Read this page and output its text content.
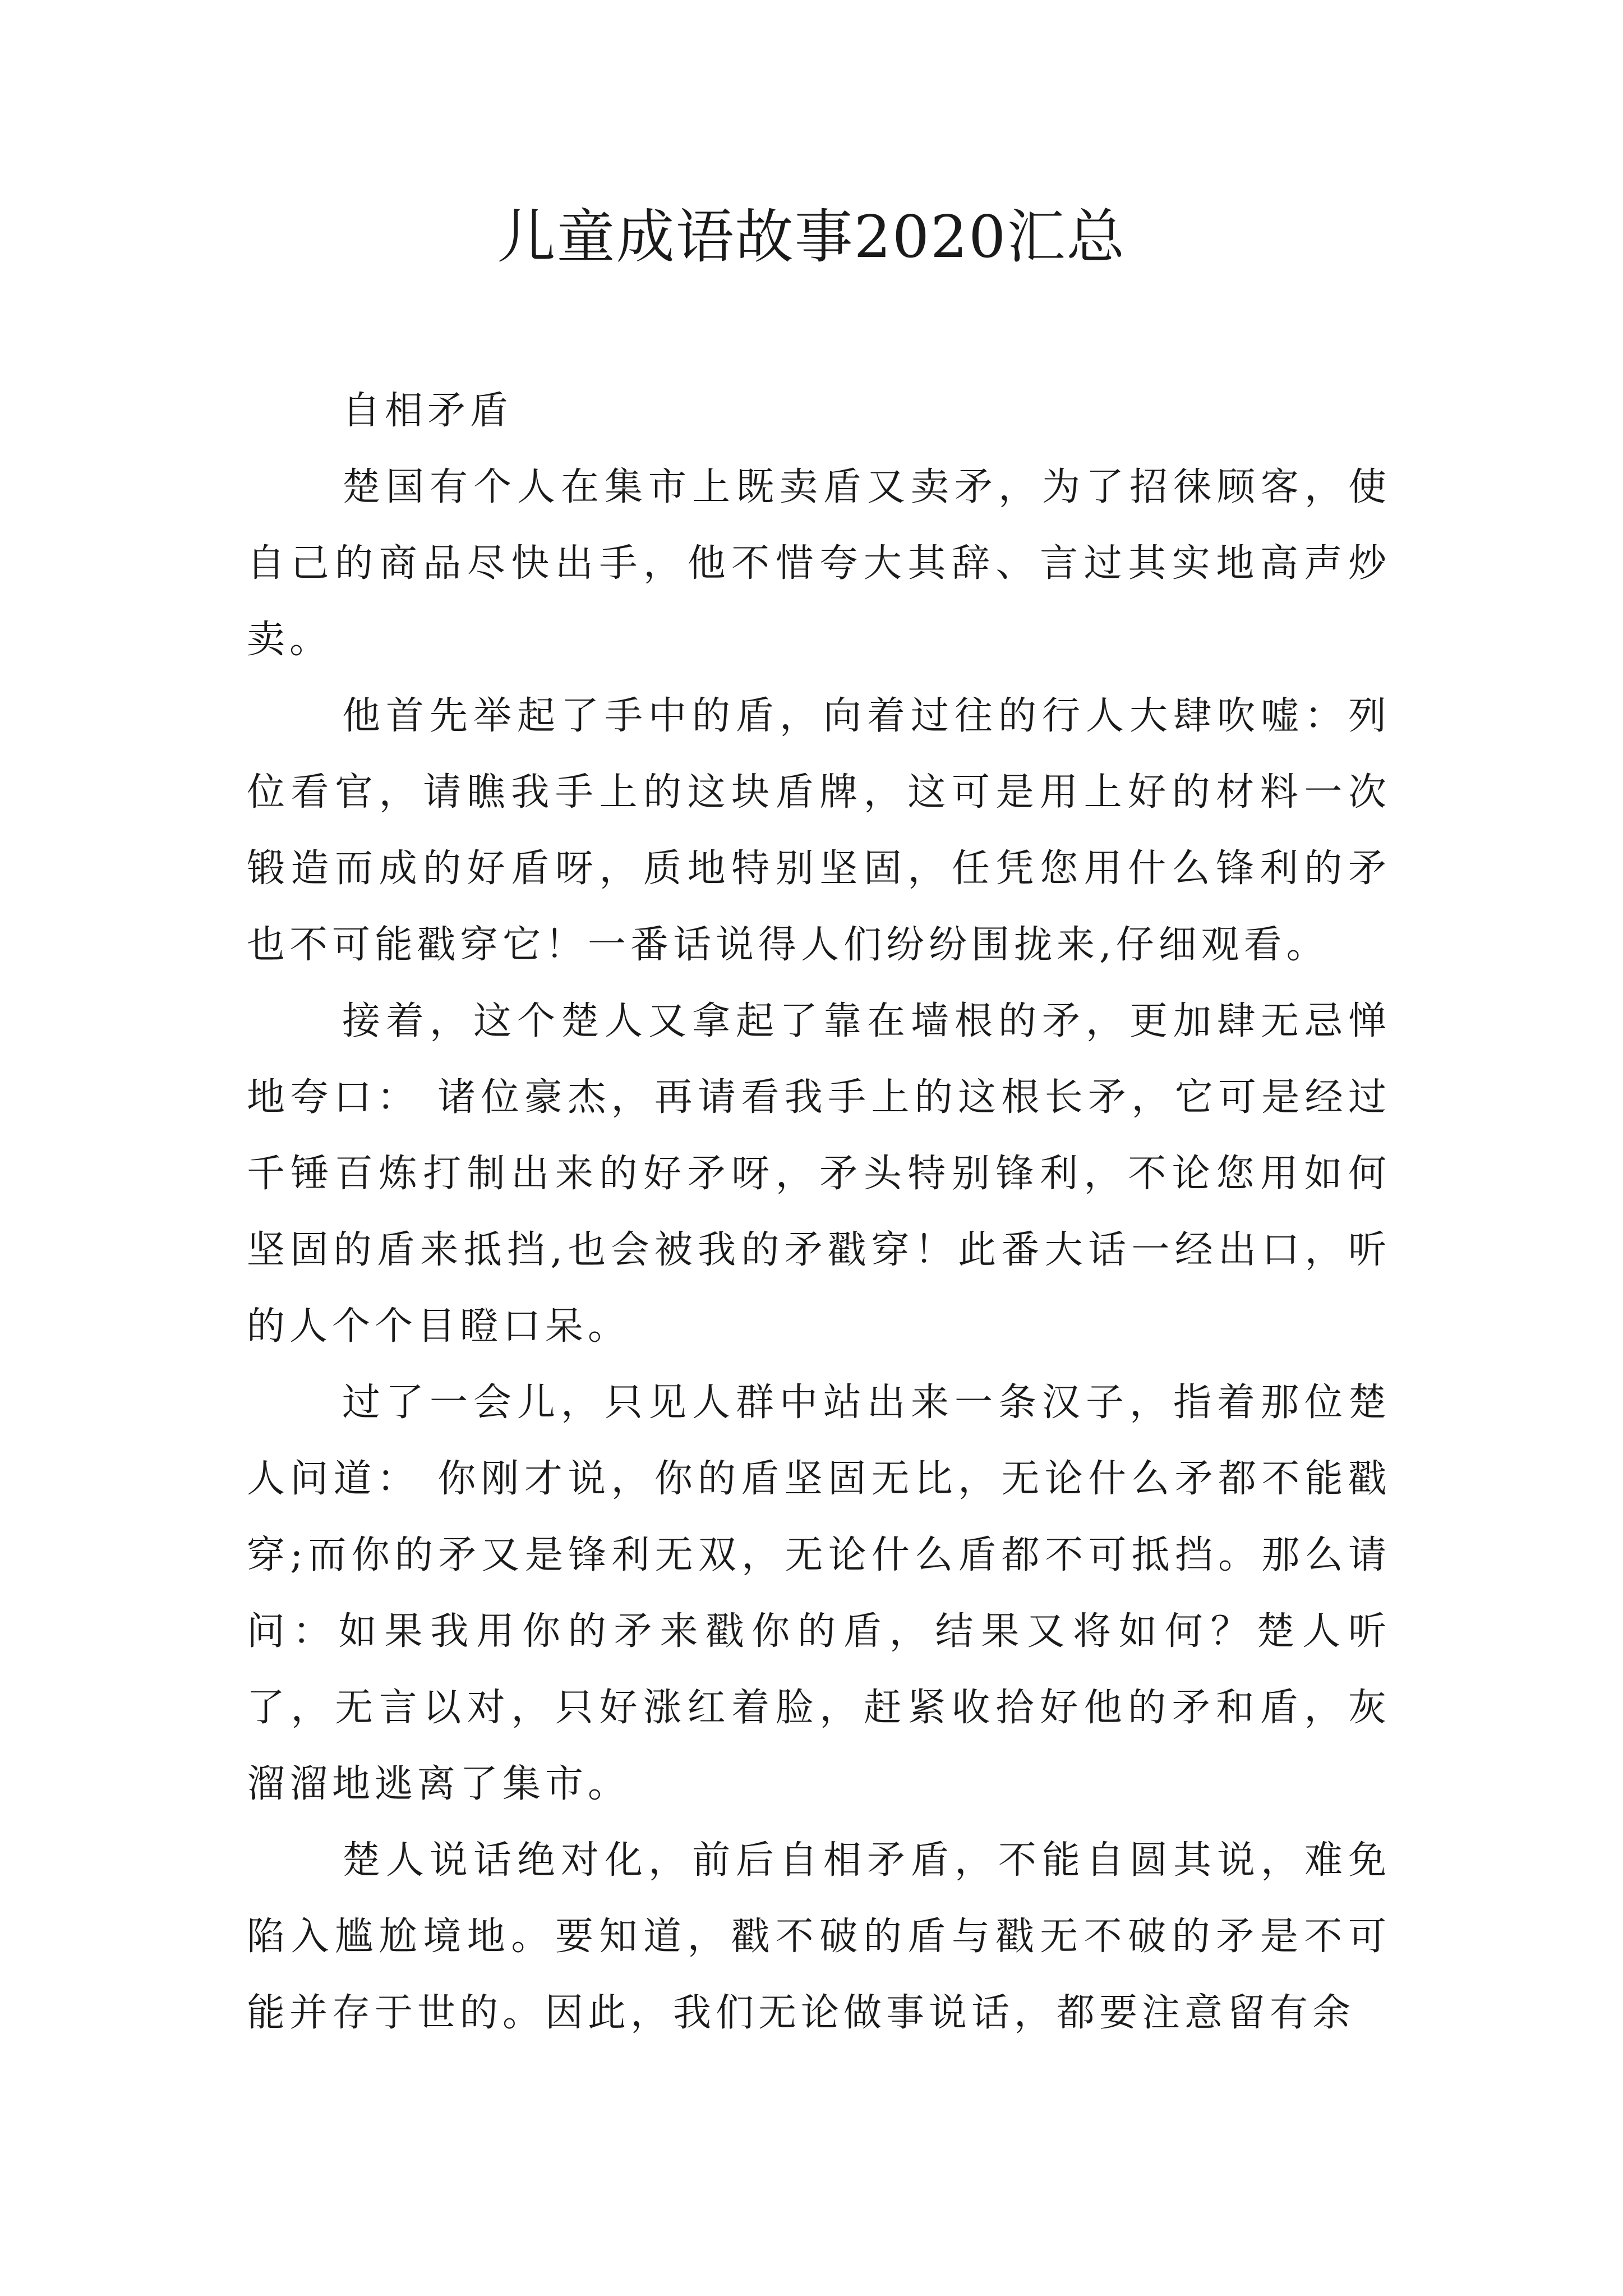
儿童成语故事2020汇总

自相矛盾

楚国有个人在集市上既卖盾又卖矛，为了招徕顾客，使自己的商品尽快出手，他不惜夸大其辞、言过其实地高声炒卖。

他首先举起了手中的盾，向着过往的行人大肆吹嘘：列位看官，请瞧我手上的这块盾牌，这可是用上好的材料一次锻造而成的好盾呀，质地特别坚固，任凭您用什么锋利的矛也不可能戳穿它！一番话说得人们纷纷围拢来,仔细观看。

接着，这个楚人又拿起了靠在墙根的矛，更加肆无忌惮地夸口： 诸位豪杰，再请看我手上的这根长矛，它可是经过千锤百炼打制出来的好矛呀，矛头特别锋利，不论您用如何坚固的盾来抵挡,也会被我的矛戳穿！此番大话一经出口，听的人个个目瞪口呆。

过了一会儿，只见人群中站出来一条汉子，指着那位楚人问道： 你刚才说，你的盾坚固无比，无论什么矛都不能戳穿;而你的矛又是锋利无双，无论什么盾都不可抵挡。那么请问：如果我用你的矛来戳你的盾，结果又将如何？楚人听了，无言以对，只好涨红着脸，赶紧收拾好他的矛和盾，灰溜溜地逃离了集市。

楚人说话绝对化，前后自相矛盾，不能自圆其说，难免陷入尴尬境地。要知道，戳不破的盾与戳无不破的矛是不可能并存于世的。因此，我们无论做事说话，都要注意留有余
